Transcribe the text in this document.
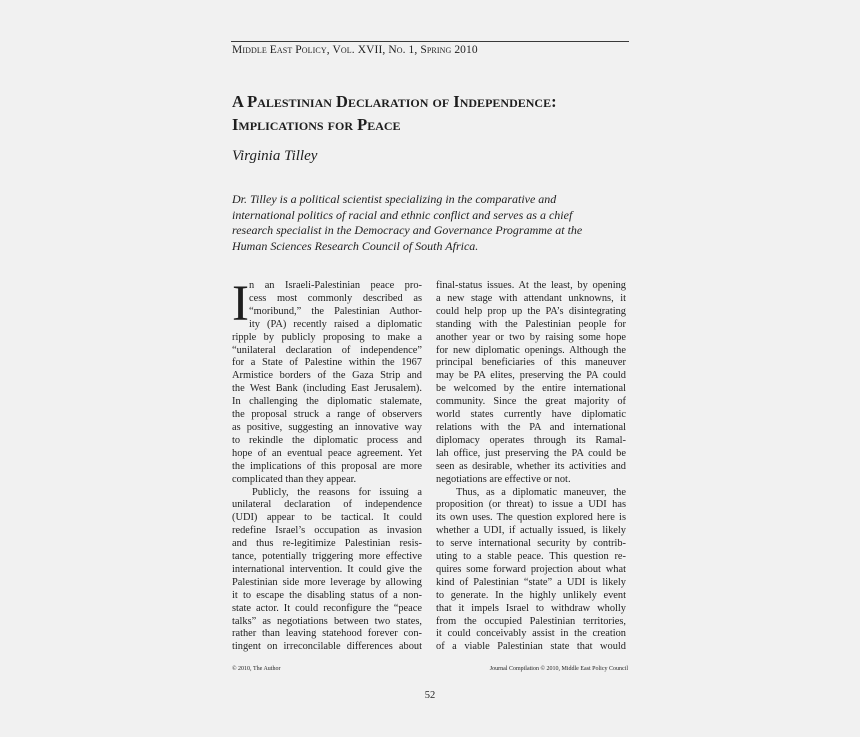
Middle East Policy, Vol. XVII, No. 1, Spring 2010
A Palestinian Declaration of Independence:
Implications for Peace
Virginia Tilley

Dr. Tilley is a political scientist specializing in the comparative and
international politics of racial and ethnic conflict and serves as a chief
research specialist in the Democracy and Governance Programme at the
Human Sciences Research Council of South Africa.

I n an Israeli-Palestinian peace pro-
cess most commonly described as
“moribund,” the Palestinian Author-
ity (PA) recently raised a diplomatic
ripple by publicly proposing to make a
“unilateral declaration of independence”
for a State of Palestine within the 1967
Armistice borders of the Gaza Strip and
the West Bank (including East Jerusalem).
In challenging the diplomatic stalemate,
the proposal struck a range of observers
as positive, suggesting an innovative way
to rekindle the diplomatic process and
hope of an eventual peace agreement. Yet
the implications of this proposal are more
complicated than they appear.
Publicly, the reasons for issuing a
unilateral declaration of independence
(UDI) appear to be tactical. It could
redefine Israel’s occupation as invasion
and thus re-legitimize Palestinian resis-
tance, potentially triggering more effective
international intervention. It could give the
Palestinian side more leverage by allowing
it to escape the disabling status of a non-
state actor. It could reconfigure the “peace
talks” as negotiations between two states,
rather than leaving statehood forever con-
tingent on irreconcilable differences about
final-status issues. At the least, by opening
a new stage with attendant unknowns, it
could help prop up the PA’s disintegrating
standing with the Palestinian people for
another year or two by raising some hope
for new diplomatic openings. Although the
principal beneficiaries of this maneuver
may be PA elites, preserving the PA could
be welcomed by the entire international
community. Since the great majority of
world states currently have diplomatic
relations with the PA and international
diplomacy operates through its Ramal-
lah office, just preserving the PA could be
seen as desirable, whether its activities and
negotiations are effective or not.
Thus, as a diplomatic maneuver, the
proposition (or threat) to issue a UDI has
its own uses. The question explored here is
whether a UDI, if actually issued, is likely
to serve international security by contrib-
uting to a stable peace. This question re-
quires some forward projection about what
kind of Palestinian “state” a UDI is likely
to generate. In the highly unlikely event
that it impels Israel to withdraw wholly
from the occupied Palestinian territories,
it could conceivably assist in the creation
of a viable Palestinian state that would
© 2010, The Author	Journal Compilation © 2010, Middle East Policy Council
52
